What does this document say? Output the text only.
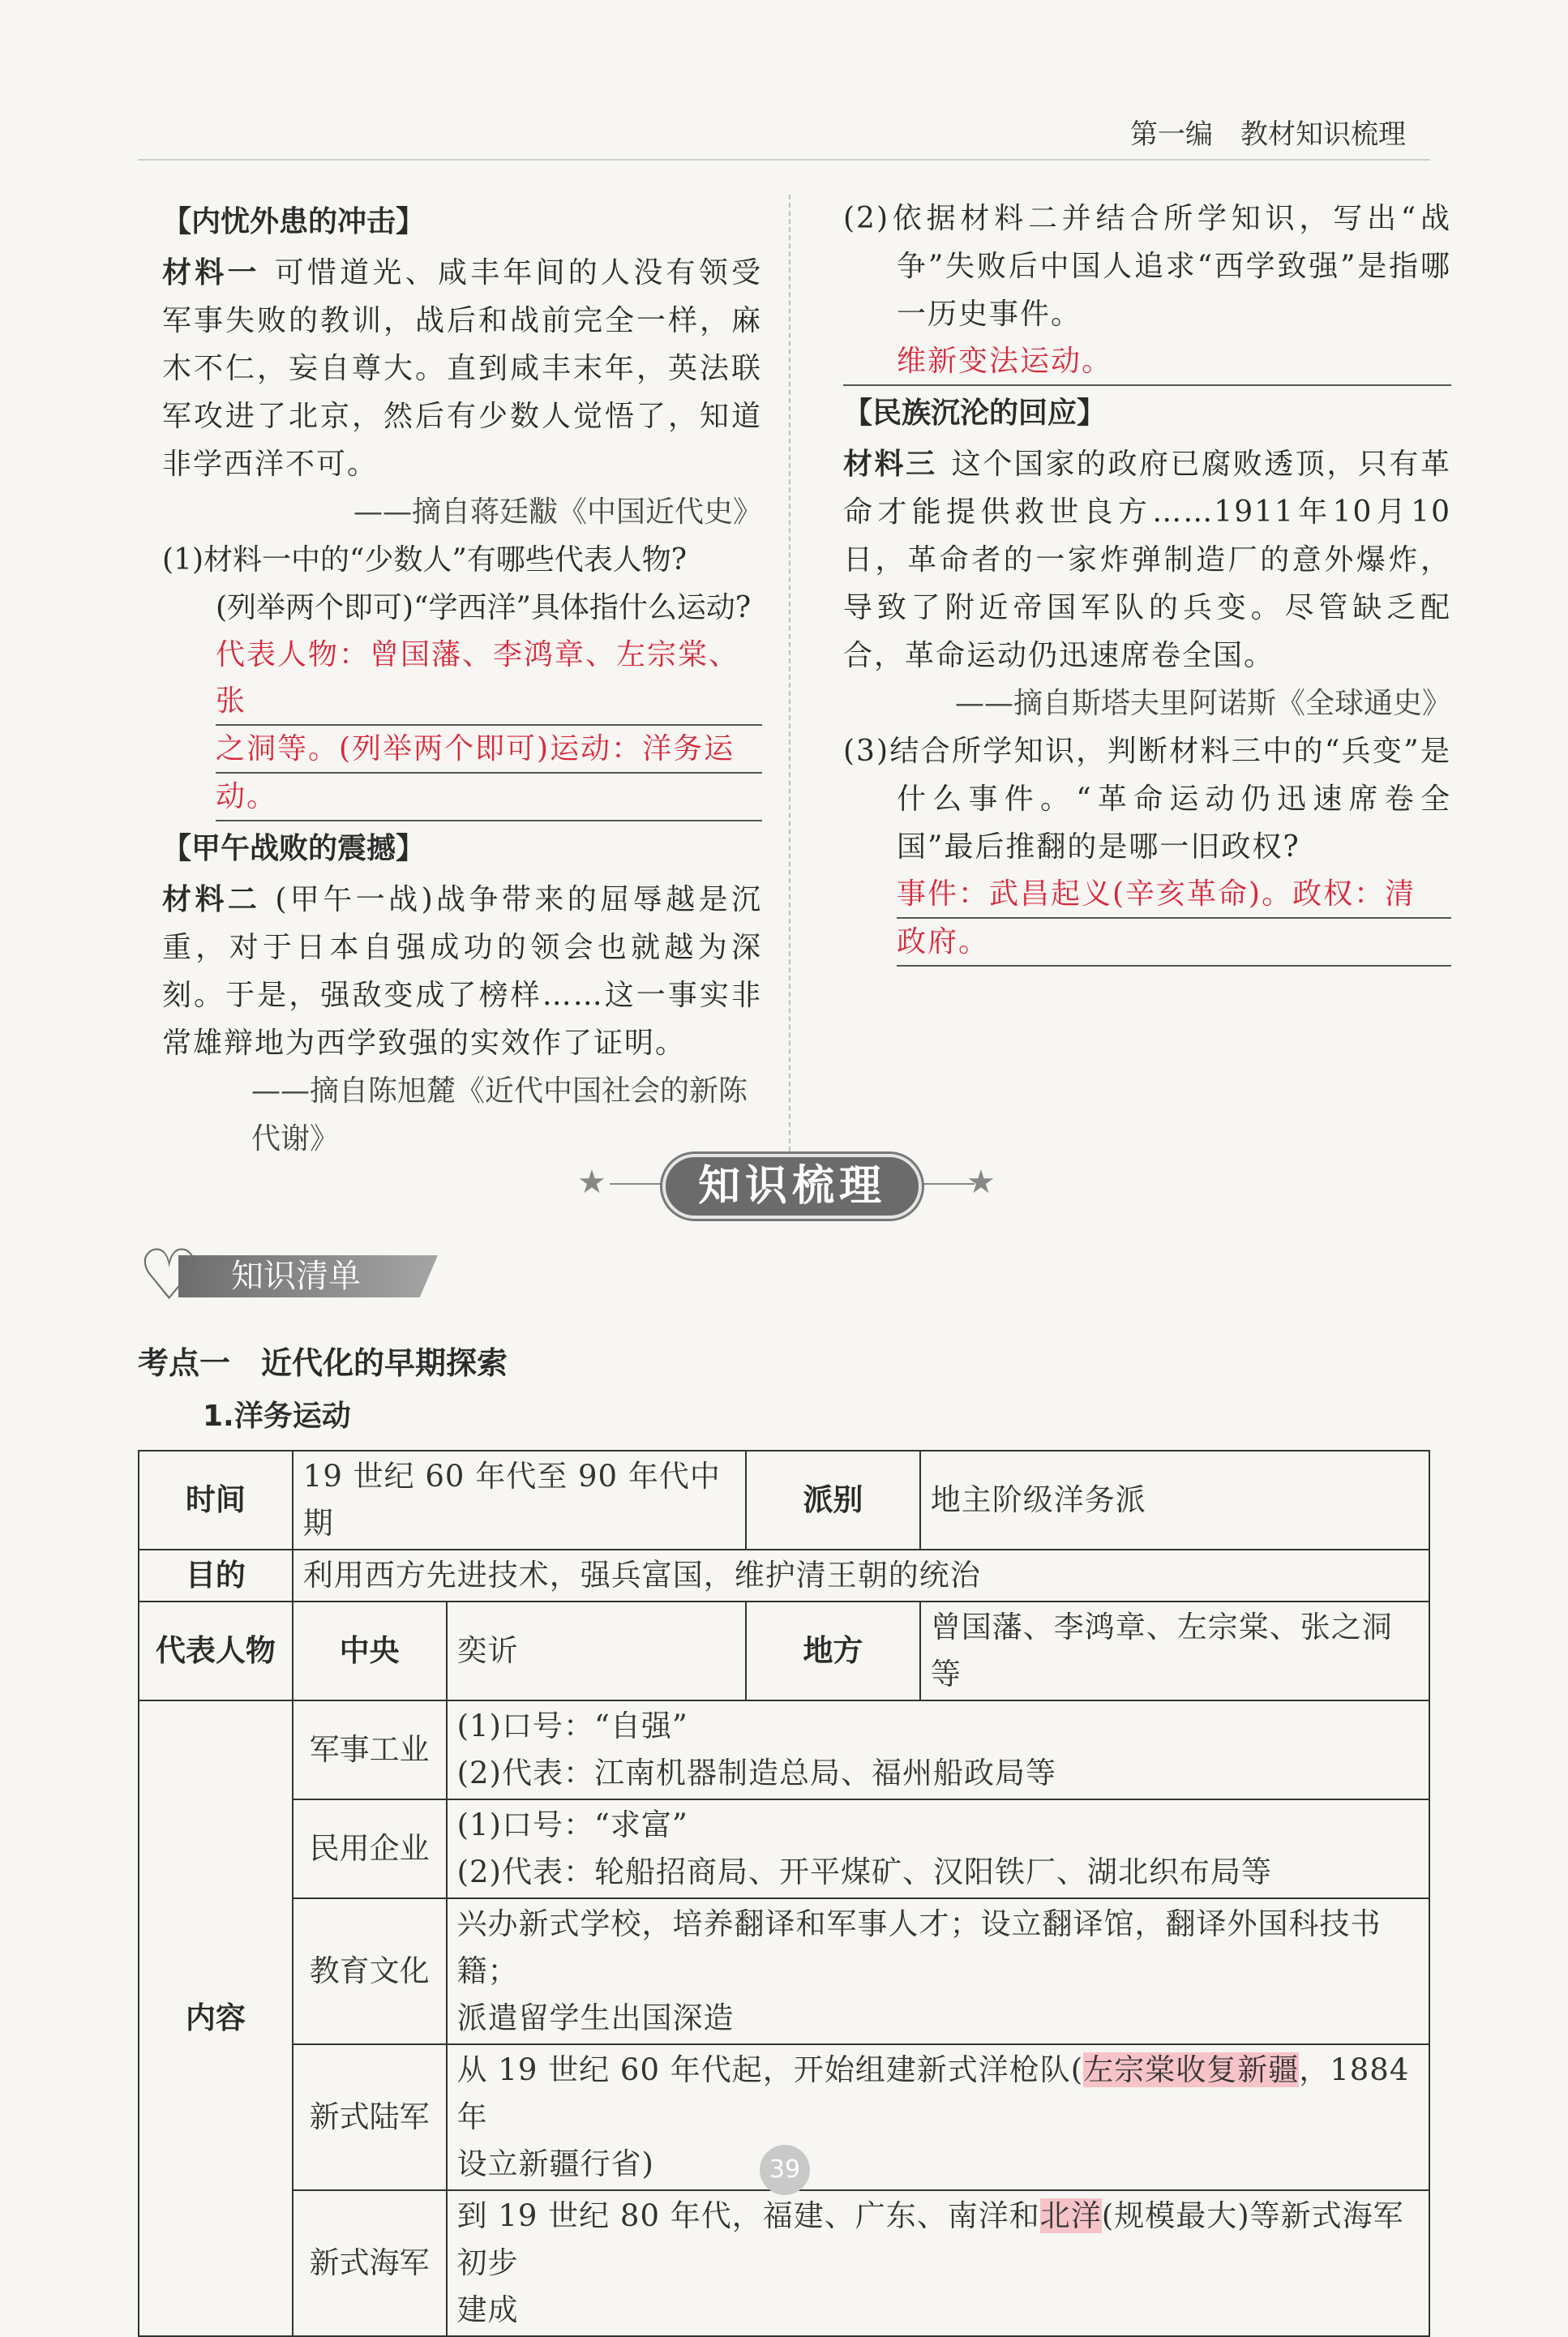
第一编　教材知识梳理
【内忧外患的冲击】
材料一 可惜道光、咸丰年间的人没有领受军事失败的教训，战后和战前完全一样，麻木不仁，妄自尊大。直到咸丰末年，英法联军攻进了北京，然后有少数人觉悟了，知道非学西洋不可。
——摘自蒋廷黻《中国近代史》
(1)材料一中的“少数人”有哪些代表人物?
(列举两个即可)“学西洋”具体指什么运动?
代表人物：曾国藩、李鸿章、左宗棠、张
之洞等。(列举两个即可)运动：洋务运
动。
【甲午战败的震撼】
材料二 (甲午一战)战争带来的屈辱越是沉重，对于日本自强成功的领会也就越为深刻。于是，强敌变成了榜样……这一事实非常雄辩地为西学致强的实效作了证明。
——摘自陈旭麓《近代中国社会的新陈代谢》
(2)依据材料二并结合所学知识，写出“战争”失败后中国人追求“西学致强”是指哪一历史事件。
维新变法运动。
【民族沉沦的回应】
材料三 这个国家的政府已腐败透顶，只有革命才能提供救世良方……1911年10月10日，革命者的一家炸弹制造厂的意外爆炸，导致了附近帝国军队的兵变。尽管缺乏配合，革命运动仍迅速席卷全国。
——摘自斯塔夫里阿诺斯《全球通史》
(3)结合所学知识，判断材料三中的“兵变”是什么事件。“革命运动仍迅速席卷全国”最后推翻的是哪一旧政权?
事件：武昌起义(辛亥革命)。政权：清
政府。
★	★
知识梳理
♡ 知识清单
考点一　近代化的早期探索
1.洋务运动
时间	19 世纪 60 年代至 90 年代中期		派别	地主阶级洋务派
目的	利用西方先进技术，强兵富国，维护清王朝的统治			
代表人物	中央	奕䜣	地方	曾国藩、李鸿章、左宗棠、张之洞等
内容	军事工业	(1)口号：“自强”
(2)代表：江南机器制造总局、福州船政局等		

	民用企业	(1)口号：“求富”
(2)代表：轮船招商局、开平煤矿、汉阳铁厂、湖北织布局等		

	教育文化	兴办新式学校，培养翻译和军事人才；设立翻译馆，翻译外国科技书籍；
派遣留学生出国深造		

	新式陆军	从 19 世纪 60 年代起，开始组建新式洋枪队(左宗棠收复新疆，1884 年
设立新疆行省)		

	新式海军	到 19 世纪 80 年代，福建、广东、南洋和北洋(规模最大)等新式海军初步
建成		
39
